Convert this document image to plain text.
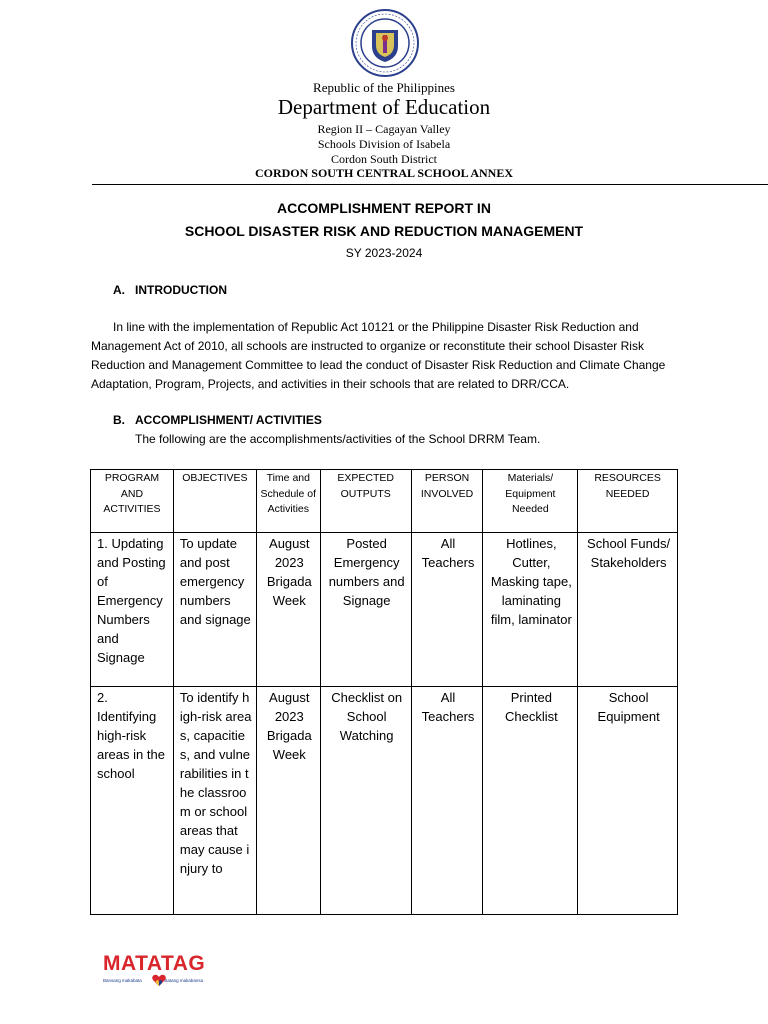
Republic of the Philippines
Department of Education
Region II – Cagayan Valley
Schools Division of Isabela
Cordon South District
CORDON SOUTH CENTRAL SCHOOL ANNEX
ACCOMPLISHMENT REPORT IN
SCHOOL DISASTER RISK AND REDUCTION MANAGEMENT
SY 2023-2024
A. INTRODUCTION

In line with the implementation of Republic Act 10121 or the Philippine Disaster Risk Reduction and Management Act of 2010, all schools are instructed to organize or reconstitute their school Disaster Risk Reduction and Management Committee to lead the conduct of Disaster Risk Reduction and Climate Change Adaptation, Program, Projects, and activities in their schools that are related to DRR/CCA.

B. ACCOMPLISHMENT/ ACTIVITIES
The following are the accomplishments/activities of the School DRRM Team.
PROGRAM AND ACTIVITIES	OBJECTIVES	Time and Schedule of Activities	EXPECTED OUTPUTS	PERSON INVOLVED	Materials/ Equipment Needed	RESOURCES NEEDED
1. Updating and Posting of Emergency Numbers and Signage	To update and post emergency numbers and signage	August 2023 Brigada Week	Posted Emergency numbers and Signage	All Teachers	Hotlines, Cutter, Masking tape, laminating film, laminator	School Funds/Stakeholders
2. Identifying high-risk areas in the school	To identify high-risk areas, capacities, and vulnerabilities in the classroom or school areas that may cause injury to	August 2023 Brigada Week	Checklist on School Watching	All Teachers	Printed Checklist	School Equipment
MATATAG
Bansang makabata	Batang makabansa
